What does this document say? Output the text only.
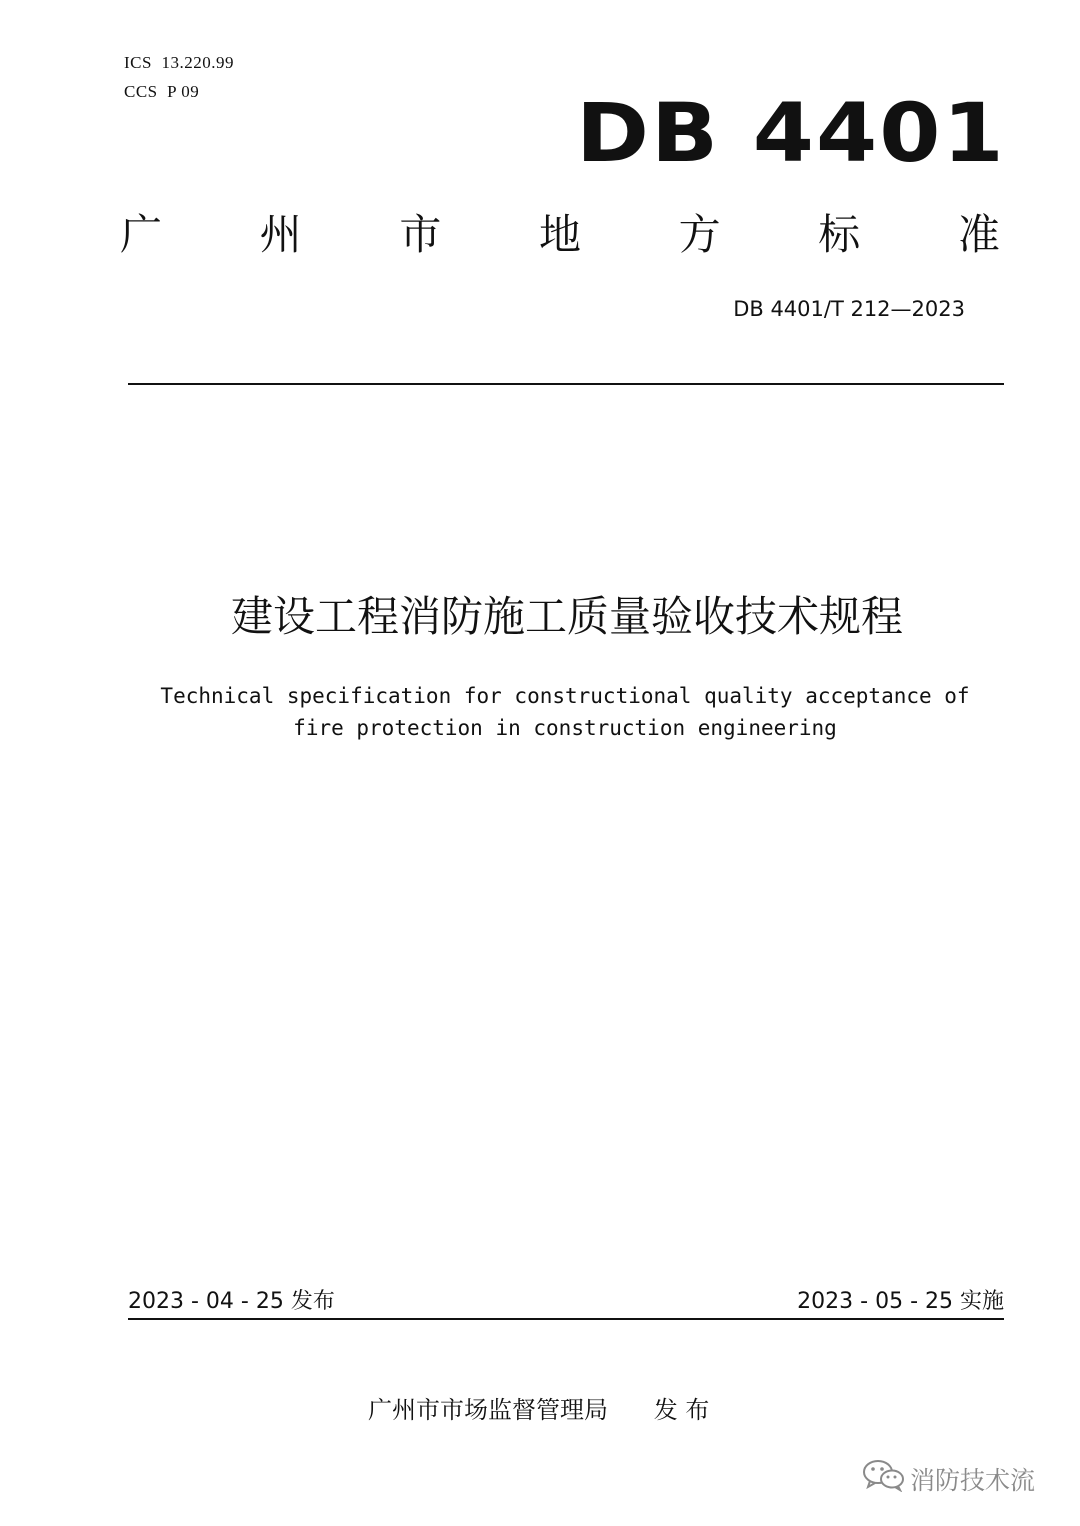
ICS  13.220.99
CCS  P 09	DB 4401
广 州 市 地 方 标 准
DB 4401/T 212—2023
建设工程消防施工质量验收技术规程
Technical specification for constructional quality acceptance of
fire protection in construction engineering
2023 - 04 - 25 发布	2023 - 05 - 25 实施
广州市市场监督管理局      发 布
消防技术流
